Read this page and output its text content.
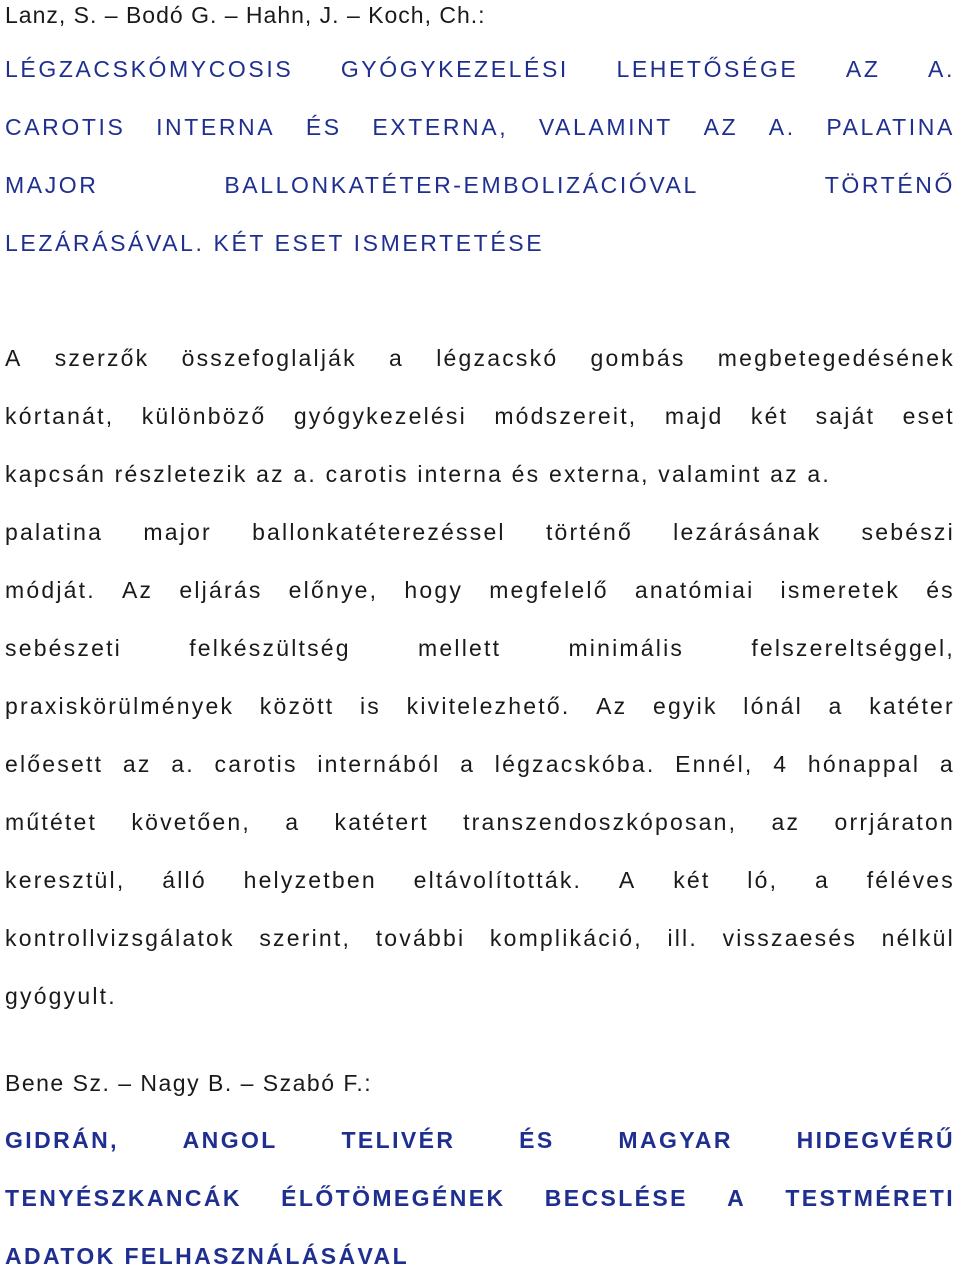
Lanz, S. – Bodó G. – Hahn, J. – Koch, Ch.:
LÉGZACSKÓMYCOSIS GYÓGYKEZELÉSI LEHETŐSÉGE AZ A.
CAROTIS INTERNA ÉS EXTERNA, VALAMINT AZ A. PALATINA
MAJOR	BALLONKATÉTER-EMBOLIZÁCIÓVAL	TÖRTÉNŐ
LEZÁRÁSÁVAL. KÉT ESET ISMERTETÉSE
A szerzők összefoglalják a légzacskó gombás megbetegedésének
kórtanát, különböző gyógykezelési módszereit, majd két saját eset
kapcsán részletezik az a. carotis interna és externa, valamint az a.
palatina major ballonkatéterezéssel történő lezárásának sebészi
módját. Az eljárás előnye, hogy megfelelő anatómiai ismeretek és
sebészeti	felkészültség	mellett	minimális	felszereltséggel,
praxiskörülmények között is kivitelezhető. Az egyik lónál a katéter
előesett az a. carotis internából a légzacskóba. Ennél, 4 hónappal a
műtétet követően, a katétert transzendoszkóposan, az orrjáraton
keresztül, álló helyzetben eltávolították. A két ló, a féléves
kontrollvizsgálatok szerint, további komplikáció, ill. visszaesés nélkül
gyógyult.
Bene Sz. – Nagy B. – Szabó F.:
GIDRÁN,	ANGOL	TELIVÉR	ÉS	MAGYAR	HIDEGVÉRŰ
TENYÉSZKANCÁK ÉLŐTÖMEGÉNEK BECSLÉSE A TESTMÉRETI
ADATOK FELHASZNÁLÁSÁVAL
